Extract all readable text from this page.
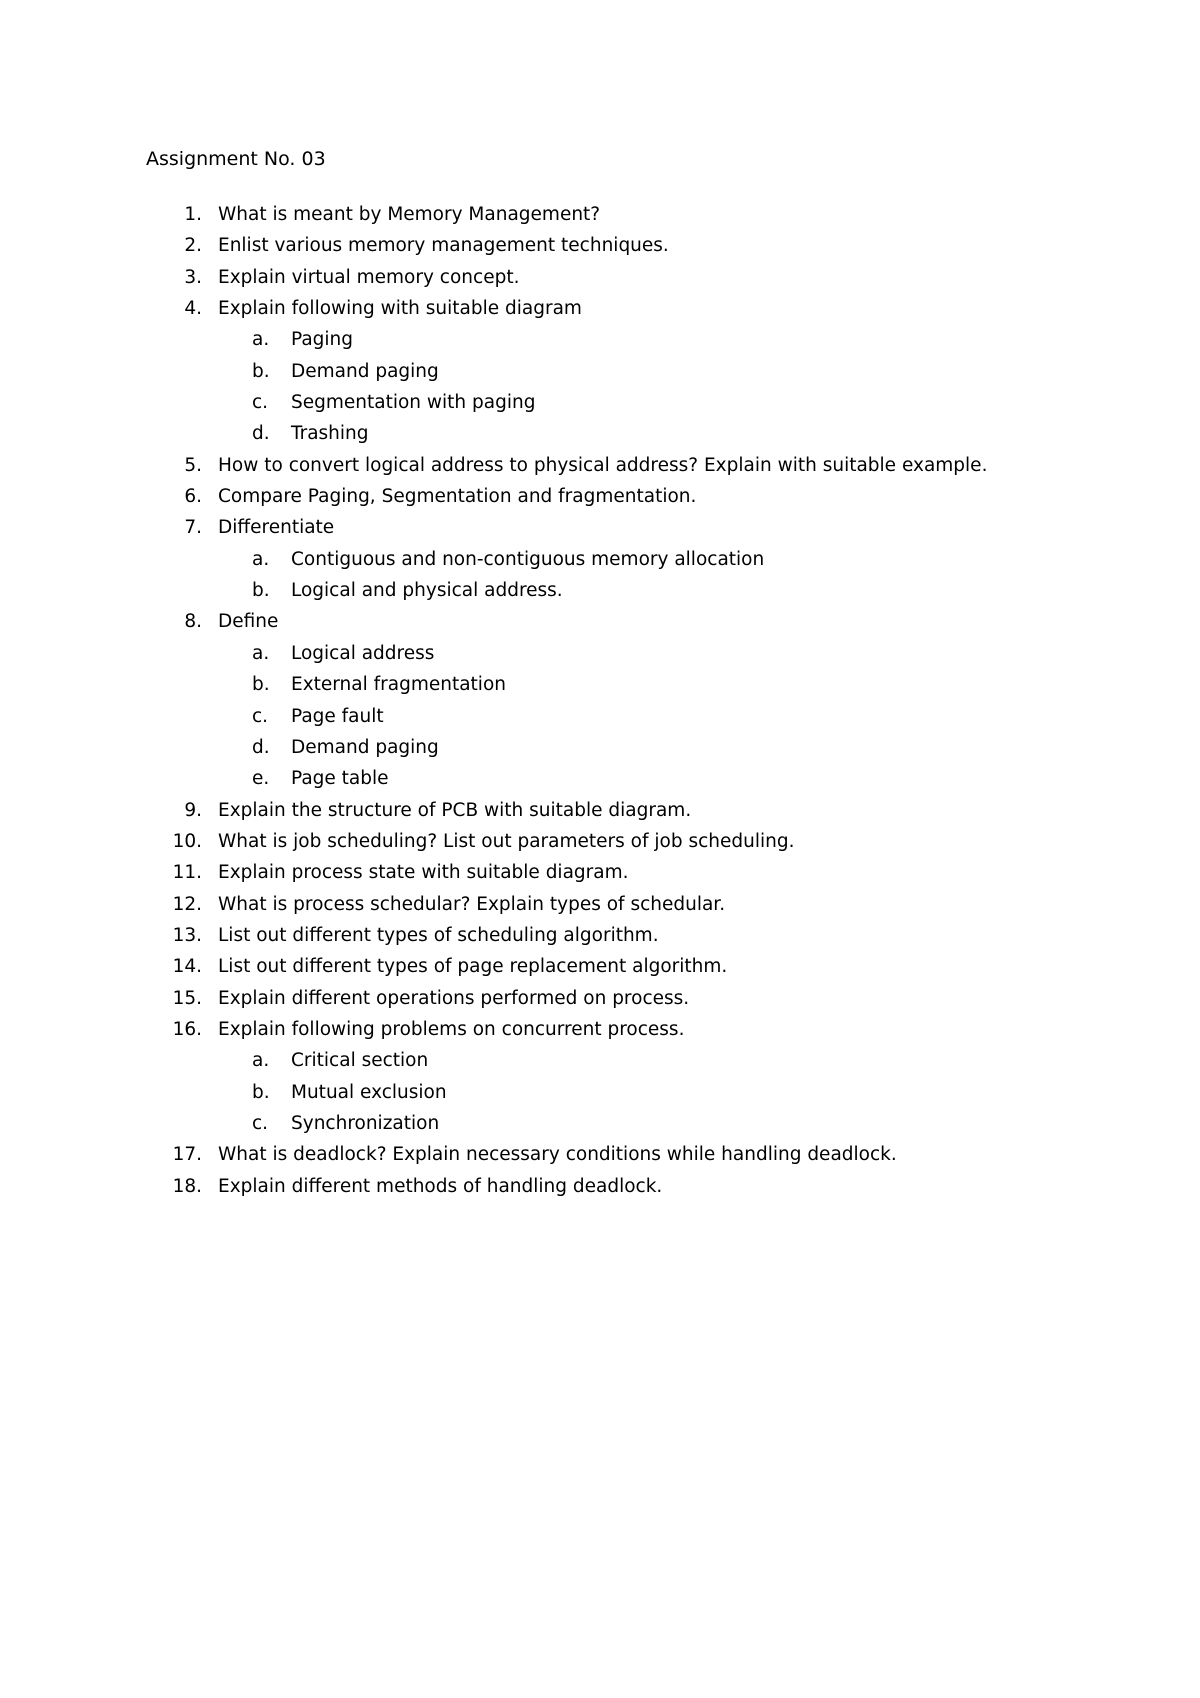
Assignment No. 03
1. What is meant by Memory Management?
2. Enlist various memory management techniques.
3. Explain virtual memory concept.
4. Explain following with suitable diagram
a. Paging
b. Demand paging
c. Segmentation with paging
d. Trashing
5. How to convert logical address to physical address? Explain with suitable example.
6. Compare Paging, Segmentation and fragmentation.
7. Differentiate
a. Contiguous and non-contiguous memory allocation
b. Logical and physical address.
8. Define
a. Logical address
b. External fragmentation
c. Page fault
d. Demand paging
e. Page table
9. Explain the structure of PCB with suitable diagram.
10. What is job scheduling? List out parameters of job scheduling.
11. Explain process state with suitable diagram.
12. What is process schedular? Explain types of schedular.
13. List out different types of scheduling algorithm.
14. List out different types of page replacement algorithm.
15. Explain different operations performed on process.
16. Explain following problems on concurrent process.
a. Critical section
b. Mutual exclusion
c. Synchronization
17. What is deadlock? Explain necessary conditions while handling deadlock.
18. Explain different methods of handling deadlock.
